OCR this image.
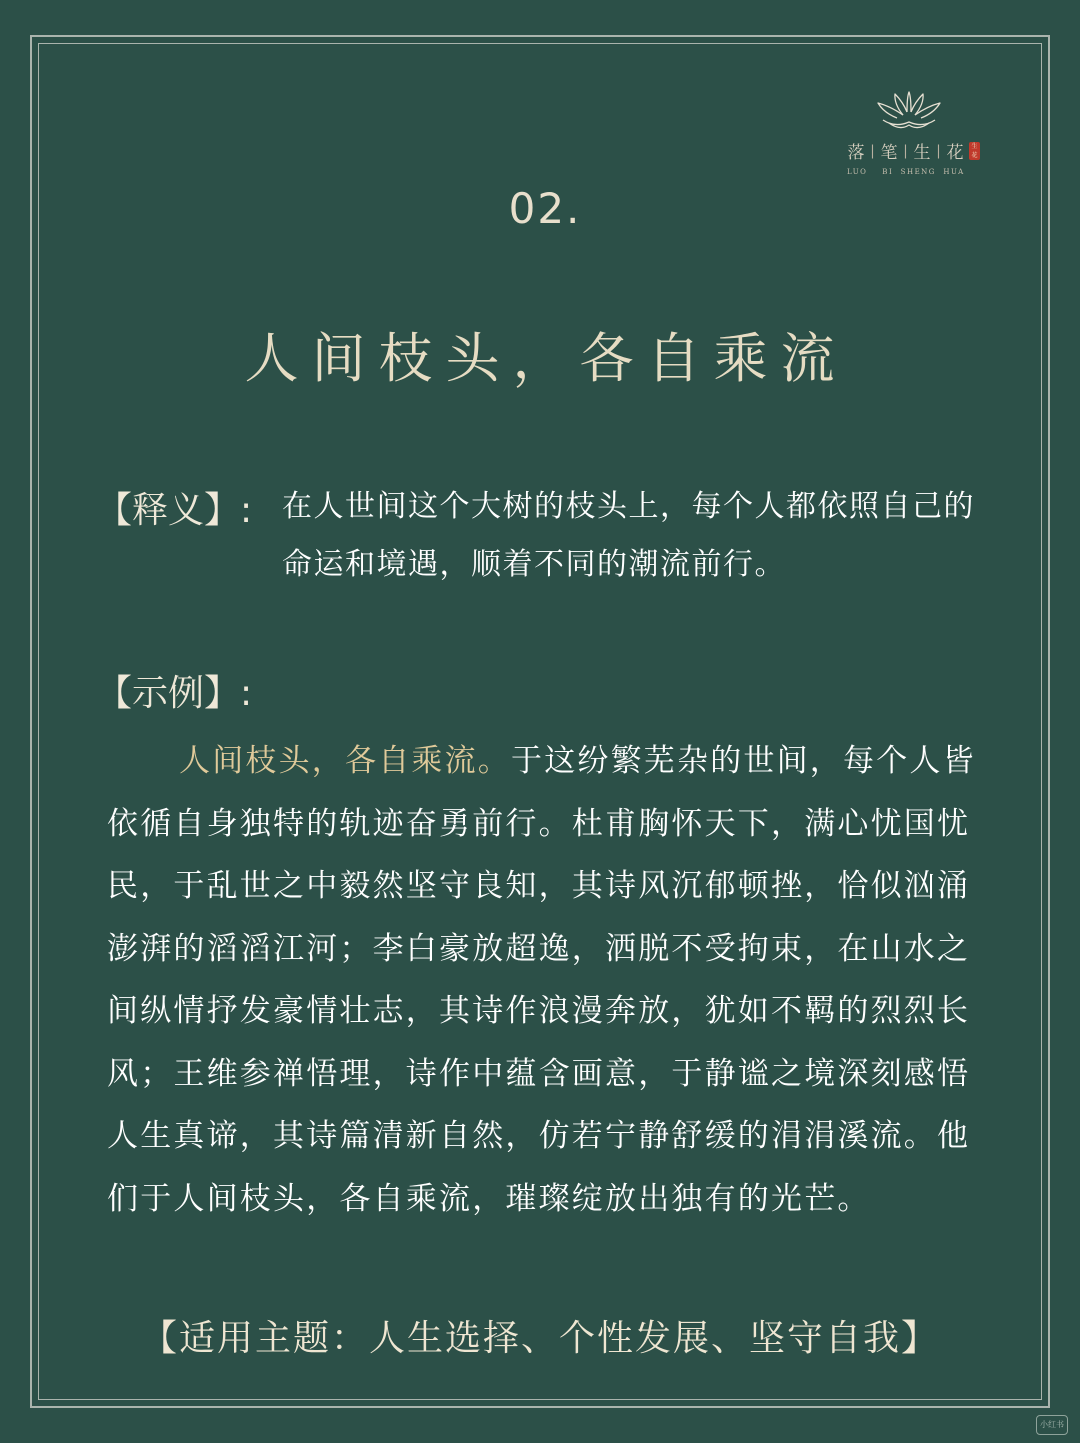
落 | 笔 | 生 | 花	生花
LUO    BI  SHENG  HUA
02.
人间枝头，各自乘流
【释义】: 在人世间这个大树的枝头上，每个人都依照自己的命运和境遇，顺着不同的潮流前行。
【示例】:
人间枝头，各自乘流。于这纷繁芜杂的世间，每个人皆依循自身独特的轨迹奋勇前行。杜甫胸怀天下，满心忧国忧民，于乱世之中毅然坚守良知，其诗风沉郁顿挫，恰似汹涌澎湃的滔滔江河；李白豪放超逸，洒脱不受拘束，在山水之间纵情抒发豪情壮志，其诗作浪漫奔放，犹如不羁的烈烈长风；王维参禅悟理，诗作中蕴含画意，于静谧之境深刻感悟人生真谛，其诗篇清新自然，仿若宁静舒缓的涓涓溪流。他们于人间枝头，各自乘流，璀璨绽放出独有的光芒。
【适用主题：人生选择、个性发展、坚守自我】
小红书
